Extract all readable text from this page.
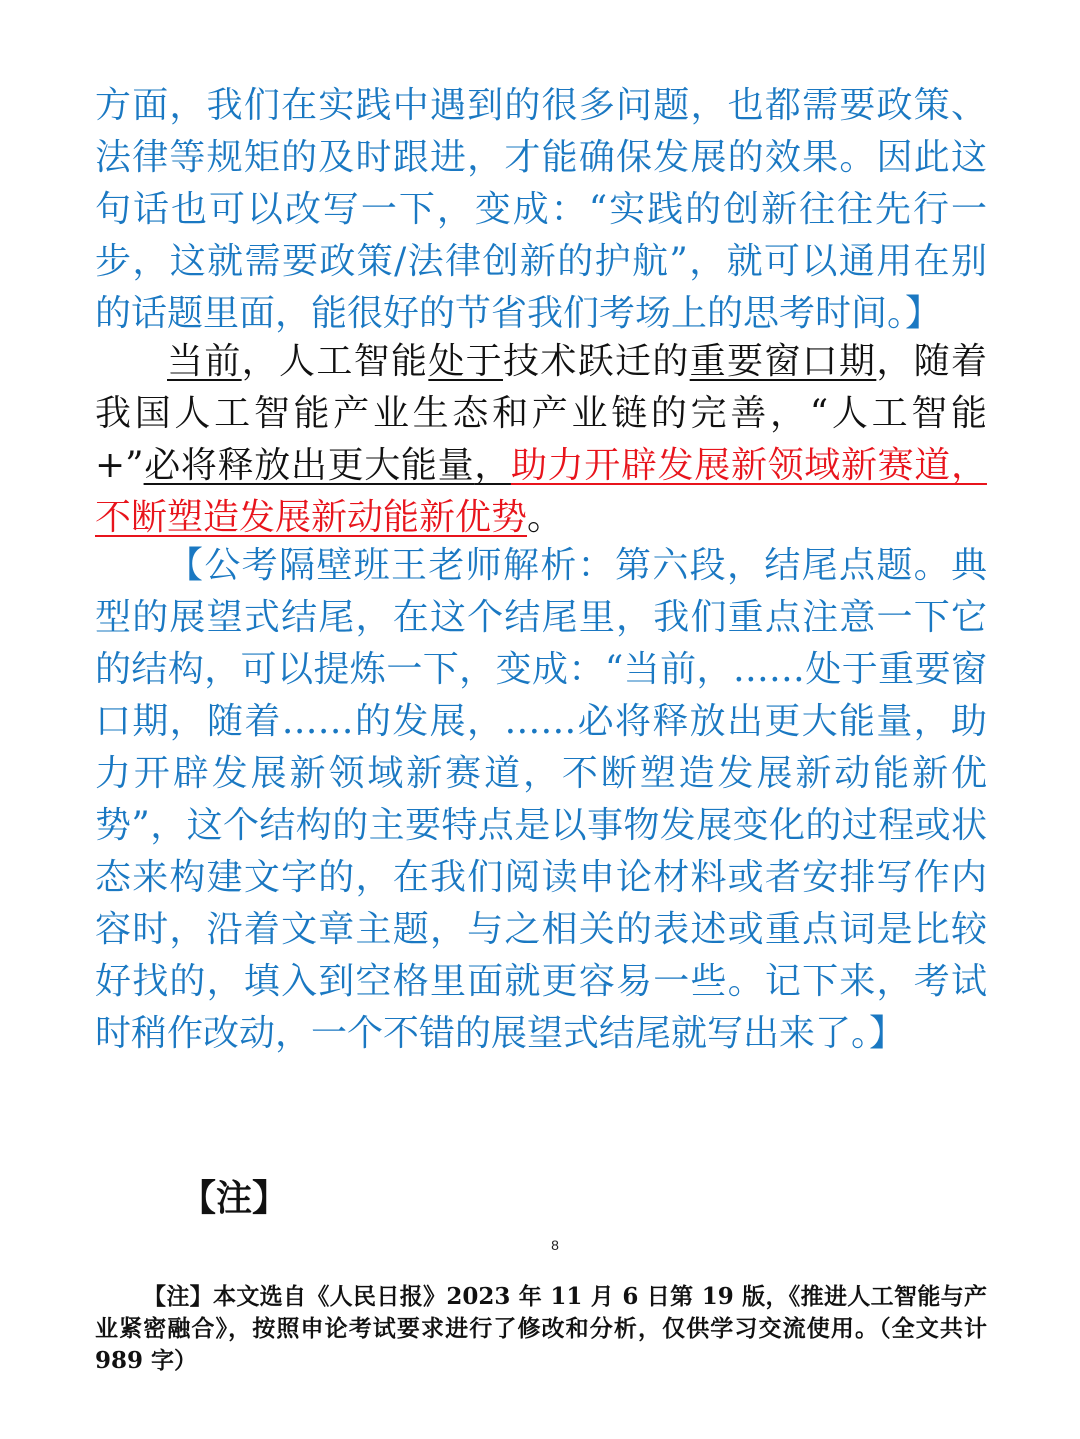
方面，我们在实践中遇到的很多问题，也都需要政策、法律等规矩的及时跟进，才能确保发展的效果。因此这句话也可以改写一下，变成：“实践的创新往往先行一步，这就需要政策/法律创新的护航”，就可以通用在别的话题里面，能很好的节省我们考场上的思考时间。】

当前，人工智能处于技术跃迁的重要窗口期，随着我国人工智能产业生态和产业链的完善，“人工智能+”必将释放出更大能量，助力开辟发展新领域新赛道，不断塑造发展新动能新优势。

【公考隔壁班王老师解析：第六段，结尾点题。典型的展望式结尾，在这个结尾里，我们重点注意一下它的结构，可以提炼一下，变成：“当前，……处于重要窗口期，随着……的发展，……必将释放出更大能量，助力开辟发展新领域新赛道，不断塑造发展新动能新优势”，这个结构的主要特点是以事物发展变化的过程或状态来构建文字的，在我们阅读申论材料或者安排写作内容时，沿着文章主题，与之相关的表述或重点词是比较好找的，填入到空格里面就更容易一些。记下来，考试时稍作改动，一个不错的展望式结尾就写出来了。】

【注】
8

【注】本文选自《人民日报》2023 年 11 月 6 日第 19 版，《推进人工智能与产业紧密融合》，按照申论考试要求进行了修改和分析，仅供学习交流使用。（全文共计 989 字）
